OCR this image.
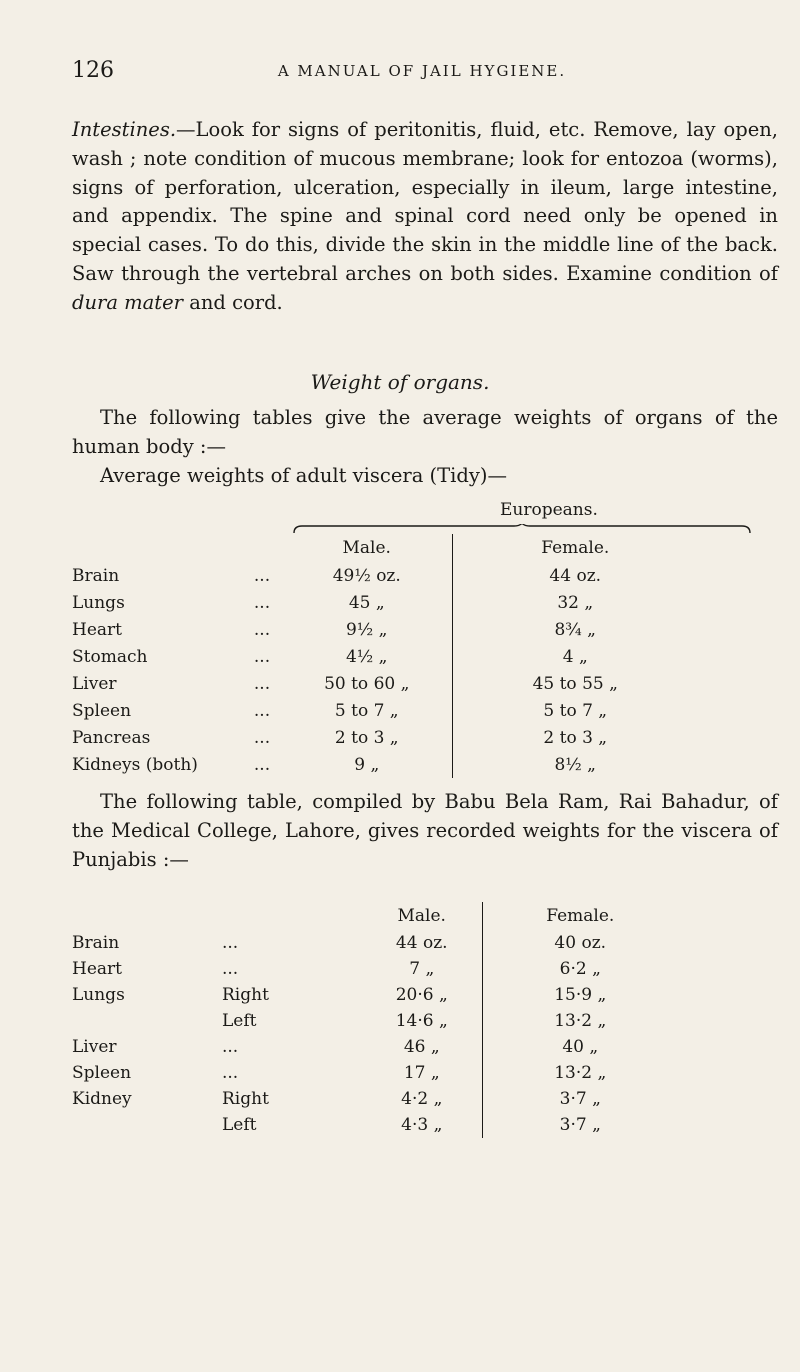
126	A MANUAL OF JAIL HYGIENE.

Intestines.—Look for signs of peritonitis, fluid, etc. Remove, lay open, wash ; note condition of mucous membrane; look for entozoa (worms), signs of perforation, ulceration, especially in ileum, large intestine, and appendix. The spine and spinal cord need only be opened in special cases. To do this, divide the skin in the middle line of the back. Saw through the vertebral arches on both sides. Examine condition of dura mater and cord.

Weight of organs.

The following tables give the average weights of organs of the human body :—

Average weights of adult viscera (Tidy)—

Europeans.
		Male.	Female.
Brain	...	49½ oz.	44 oz.
Lungs	...	45 „	32 „
Heart	...	9½ „	8¾ „
Stomach	...	4½ „	4 „
Liver	...	50 to 60 „	45 to 55 „
Spleen	...	5 to 7 „	5 to 7 „
Pancreas	...	2 to 3 „	2 to 3 „
Kidneys (both)	...	9 „	8½ „

The following table, compiled by Babu Bela Ram, Rai Bahadur, of the Medical College, Lahore, gives recorded weights for the viscera of Punjabis :—

		Male.	Female.
Brain	...	44 oz.	40 oz.
Heart	...	7 „	6·2 „
Lungs	Right	20·6 „	15·9 „
	Left	14·6 „	13·2 „
Liver	...	46 „	40 „
Spleen	...	17 „	13·2 „
Kidney	Right	4·2 „	3·7 „
	Left	4·3 „	3·7 „
